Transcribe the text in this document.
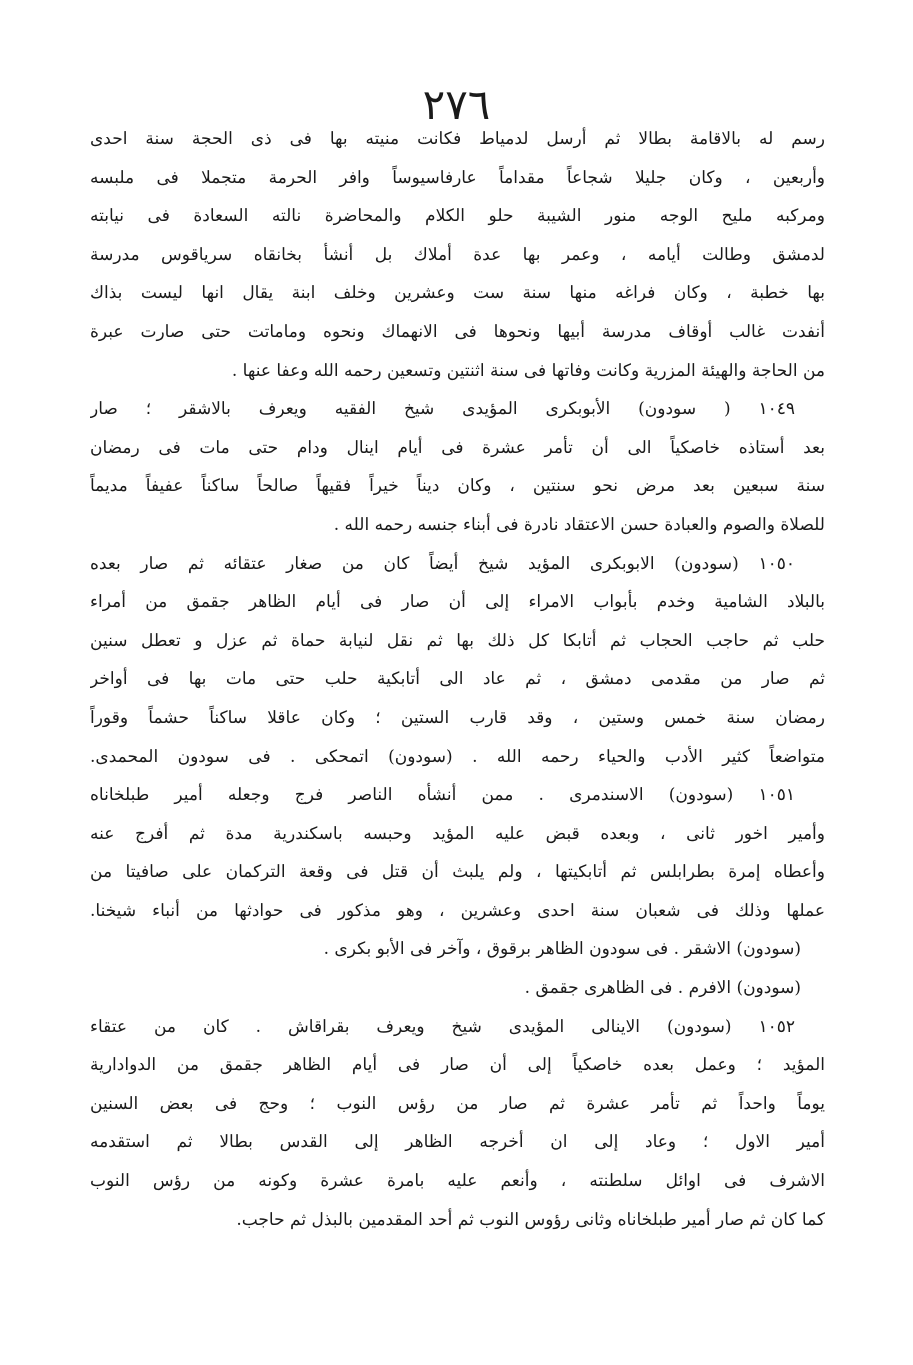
٢٧٦
رسم له بالاقامة بطالا ثم أرسل لدمياط فكانت منيته بها فى ذى الحجة سنة احدى
وأربعين ، وكان جليلا شجاعاً مقداماً عارفاسيوساً وافر الحرمة متجملا فى ملبسه
ومركبه مليح الوجه منور الشيبة حلو الكلام والمحاضرة نالته السعادة فى نيابته
لدمشق وطالت أيامه ، وعمر بها عدة أملاك بل أنشأ بخانقاه سرياقوس مدرسة
بها خطبة ، وكان فراغه منها سنة ست وعشرين وخلف ابنة يقال انها ليست بذاك
أنفدت غالب أوقاف مدرسة أبيها ونحوها فى الانهماك ونحوه وماماتت حتى صارت عبرة
من الحاجة والهيئة المزرية وكانت وفاتها فى سنة اثنتين وتسعين رحمه الله وعفا عنها .
١٠٤٩ ( سودون) الأبوبكرى المؤيدى شيخ الفقيه ويعرف بالاشقر ؛ صار
بعد أستاذه خاصكياً الى أن تأمر عشرة فى أيام اينال ودام حتى مات فى رمضان
سنة سبعين بعد مرض نحو سنتين ، وكان ديناً خيراً فقيهاً صالحاً ساكناً عفيفاً مديماً
للصلاة والصوم والعبادة حسن الاعتقاد نادرة فى أبناء جنسه رحمه الله .
١٠٥٠ (سودون) الابوبكرى المؤيد شيخ أيضاً كان من صغار عتقائه ثم صار بعده
بالبلاد الشامية وخدم بأبواب الامراء إلى أن صار فى أيام الظاهر جقمق من أمراء
حلب ثم حاجب الحجاب ثم أتابكا كل ذلك بها ثم نقل لنيابة حماة ثم عزل و تعطل سنين
ثم صار من مقدمى دمشق ، ثم عاد الى أتابكية حلب حتى مات بها فى أواخر
رمضان سنة خمس وستين ، وقد قارب الستين ؛ وكان عاقلا ساكناً حشماً وقوراً
متواضعاً كثير الأدب والحياء رحمه الله . (سودون) اتمحكى . فى سودون المحمدى.
١٠٥١ (سودون) الاسندمرى . ممن أنشأه الناصر فرج وجعله أمير طبلخاناه
وأمير اخور ثانى ، وبعده قبض عليه المؤيد وحبسه باسكندرية مدة ثم أفرج عنه
وأعطاه إمرة بطرابلس ثم أتابكيتها ، ولم يلبث أن قتل فى وقعة التركمان على صافيتا من
عملها وذلك فى شعبان سنة احدى وعشرين ، وهو مذكور فى حوادثها من أنباء شيخنا.
(سودون) الاشقر . فى سودون الظاهر برقوق ، وآخر فى الأبو بكرى .
(سودون) الافرم . فى الظاهرى جقمق .
١٠٥٢ (سودون) الاينالى المؤيدى شيخ ويعرف بقراقاش . كان من عتقاء
المؤيد ؛ وعمل بعده خاصكياً إلى أن صار فى أيام الظاهر جقمق من الدوادارية
يوماً واحداً ثم تأمر عشرة ثم صار من رؤس النوب ؛ وحج فى بعض السنين
أمير الاول ؛ وعاد إلى ان أخرجه الظاهر إلى القدس بطالا ثم استقدمه
الاشرف فى اوائل سلطنته ، وأنعم عليه بامرة عشرة وكونه من رؤس النوب
كما كان ثم صار أمير طبلخاناه وثانى رؤوس النوب ثم أحد المقدمين بالبذل ثم حاجب.
